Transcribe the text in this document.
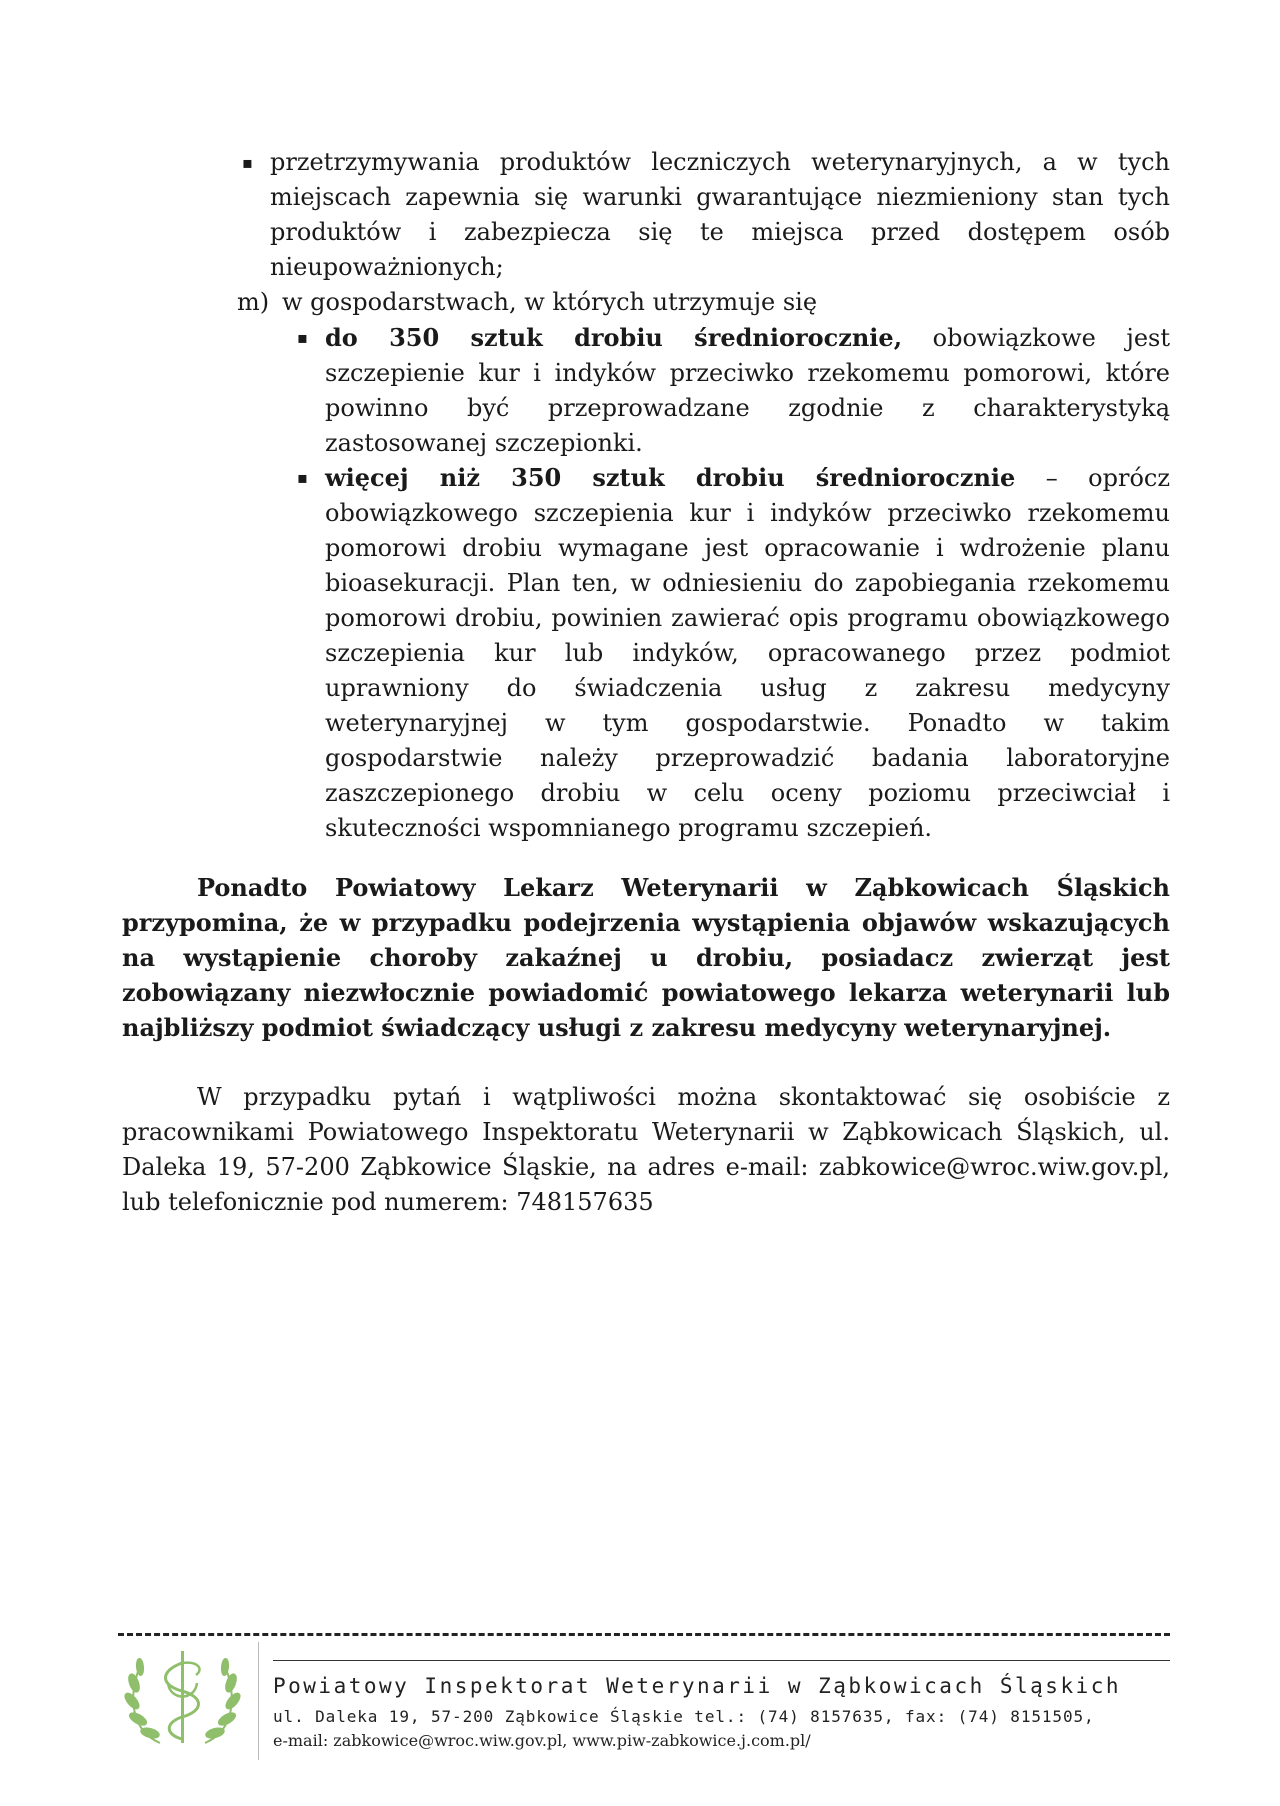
▪ przetrzymywania produktów leczniczych weterynaryjnych, a w tych miejscach zapewnia się warunki gwarantujące niezmieniony stan tych produktów i zabezpiecza się te miejsca przed dostępem osób nieupoważnionych;
m) w gospodarstwach, w których utrzymuje się
▪ do 350 sztuk drobiu średniorocznie, obowiązkowe jest szczepienie kur i indyków przeciwko rzekomemu pomorowi, które powinno być przeprowadzane zgodnie z charakterystyką zastosowanej szczepionki.
▪ więcej niż 350 sztuk drobiu średniorocznie – oprócz obowiązkowego szczepienia kur i indyków przeciwko rzekomemu pomorowi drobiu wymagane jest opracowanie i wdrożenie planu bioasekuracji. Plan ten, w odniesieniu do zapobiegania rzekomemu pomorowi drobiu, powinien zawierać opis programu obowiązkowego szczepienia kur lub indyków, opracowanego przez podmiot uprawniony do świadczenia usług z zakresu medycyny weterynaryjnej w tym gospodarstwie. Ponadto w takim gospodarstwie należy przeprowadzić badania laboratoryjne zaszczepionego drobiu w celu oceny poziomu przeciwciał i skuteczności wspomnianego programu szczepień.

Ponadto Powiatowy Lekarz Weterynarii w Ząbkowicach Śląskich przypomina, że w przypadku podejrzenia wystąpienia objawów wskazujących na wystąpienie choroby zakaźnej u drobiu, posiadacz zwierząt jest zobowiązany niezwłocznie powiadomić powiatowego lekarza weterynarii lub najbliższy podmiot świadczący usługi z zakresu medycyny weterynaryjnej.

W przypadku pytań i wątpliwości można skontaktować się osobiście z pracownikami Powiatowego Inspektoratu Weterynarii w Ząbkowicach Śląskich, ul. Daleka 19, 57-200 Ząbkowice Śląskie, na adres e-mail: zabkowice@wroc.wiw.gov.pl, lub telefonicznie pod numerem: 748157635

Powiatowy Inspektorat Weterynarii w Ząbkowicach Śląskich
ul. Daleka 19, 57-200 Ząbkowice Śląskie tel.: (74) 8157635, fax: (74) 8151505,
e-mail: zabkowice@wroc.wiw.gov.pl, www.piw-zabkowice.j.com.pl/
